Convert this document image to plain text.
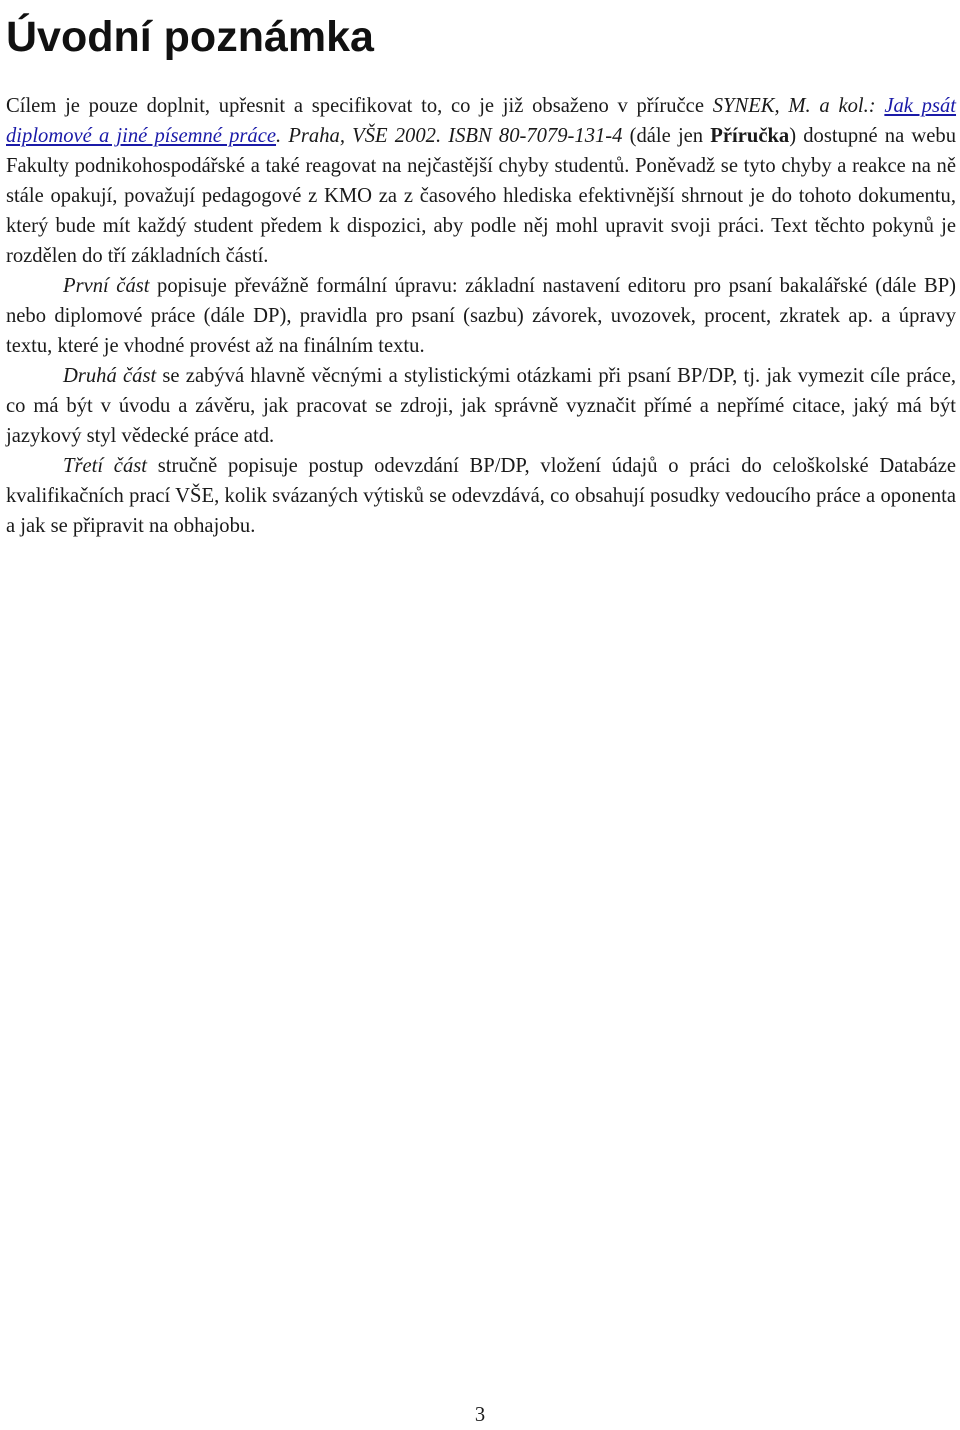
Úvodní poznámka

Cílem je pouze doplnit, upřesnit a specifikovat to, co je již obsaženo v příručce SYNEK, M. a kol.: Jak psát diplomové a jiné písemné práce. Praha, VŠE 2002. ISBN 80-7079-131-4 (dále jen Příručka) dostupné na webu Fakulty podnikohospodářské a také reagovat na nejčastější chyby studentů. Poněvadž se tyto chyby a reakce na ně stále opakují, považují pedagogové z KMO za z časového hlediska efektivnější shrnout je do tohoto dokumentu, který bude mít každý student předem k dispozici, aby podle něj mohl upravit svoji práci. Text těchto pokynů je rozdělen do tří základních částí.

První část popisuje převážně formální úpravu: základní nastavení editoru pro psaní bakalářské (dále BP) nebo diplomové práce (dále DP), pravidla pro psaní (sazbu) závorek, uvozovek, procent, zkratek ap. a úpravy textu, které je vhodné provést až na finálním textu.

Druhá část se zabývá hlavně věcnými a stylistickými otázkami při psaní BP/DP, tj. jak vymezit cíle práce, co má být v úvodu a závěru, jak pracovat se zdroji, jak správně vyznačit přímé a nepřímé citace, jaký má být jazykový styl vědecké práce atd.

Třetí část stručně popisuje postup odevzdání BP/DP, vložení údajů o práci do celoškolské Databáze kvalifikačních prací VŠE, kolik svázaných výtisků se odevzdává, co obsahují posudky vedoucího práce a oponenta a jak se připravit na obhajobu.

3
